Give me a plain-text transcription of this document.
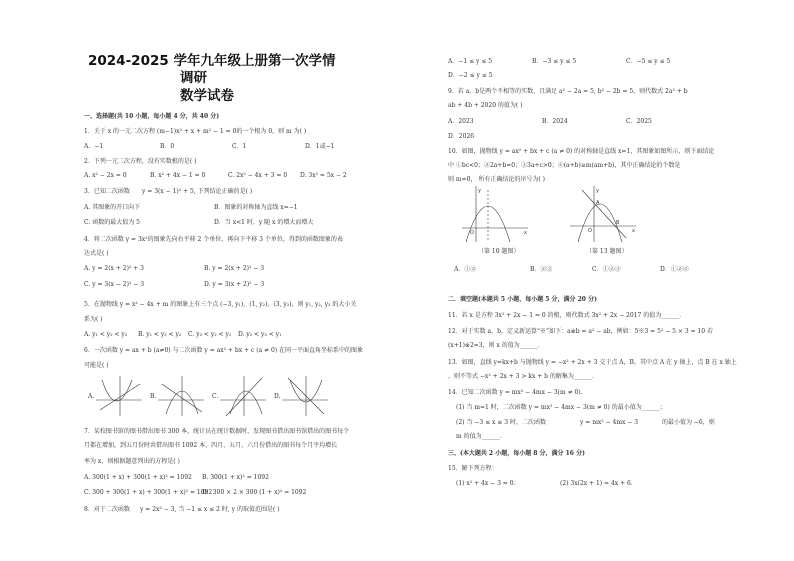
2024-2025 学年九年级上册第一次学情
调研
数学试卷
一、选择题(共 10 小题，每小题 4 分，共 40 分)
1．关于 x 的一元二次方程 (m−1)x² + x + m² − 1 = 0的一个根为 0，则 m 为( )
A．−1	B．0	C．1	D．1或−1
2．下列一元二次方程，没有实数根的是( )
A. x² − 2x = 0	B. x² + 4x − 1 = 0	C. 2x² − 4x + 3 = 0 D. 3x² = 5x − 2
3．已知二次函数 y = 3(x − 1)² + 5, 下列结论正确的是( )
A. 其图象的开口向下	B．图象的对称轴为直线 x=−1
C. 函数的最大值为 5	D．当 x<1 时，y 随 x 的增大而增大
4．将二次函数 y = 3x²的图象先向右平移 2 个单位，再向下平移 3 个单位，得到的函数图象的表
达式是( )
A. y = 2(x + 2)² + 3	B. y = 2(x + 2)² − 3
C. y = 3(x − 2)² − 3	D. y = 3(x + 2)² − 3
5．在抛物线 y = x² − 4x + m 的图象上有三个点 (−3, y₁)，(1, y₂)，(3, y₃)，则 y₁, y₂, y₃ 的大小关
系为( )
A. y₁ < y₂ < y₃ B. y₁ < y₃ < y₂ C. y₃ < y₂ < y₁ D. y₂ < y₃ < y₁
6．一次函数 y = ax + b (a≠0) 与二次函数 y = ax² + bx + c (a ≠ 0) 在同一平面直角坐标系中的图象
可能是( )
A.	B.	C.	D.
7．某校图书馆的图书借出图书 300 本，统计员在统计数据时，发现图书借出图书馆借出的图书每个
月都在增加，到五月份时共借出图书 1092 本，四月、五月、六月份借出的图书每个月平均增长
率为 x，则根据题意列出的方程是( )
A. 300(1 + x) + 300(1 + x)² = 1092 B. 300(1 + x)² = 1092
C. 300 + 300(1 + x) + 300(1 + x)² = 1092
D．300 × 2 × 300 (1 + x)² = 1092
8．对于二次函数 y = 2x² − 3, 当 −1 ≤ x ≤ 2 时, y 的取值范围是( )
A．−1 ≤ y ≤ 5	B．−3 ≤ y ≤ 5	C．−5 ≤ y ≤ 5
D．−2 ≤ y ≤ 5
9．若 a、b是两个不相等的实数，且满足 a² − 2a = 5, b² − 2b = 5，则代数式 2a² + b
ab + 4b + 2020 的值为( )
A．2023	B．2024	C．2025
D．2026
10．如图，抛物线 y = ax² + bx + c (a ≠ 0) 的对称轴是直线 x=1，其图象如图所示，则下面结论
中 ①bc<0；②2a+b=0；③3a+c>0；④(a+b)≥m(am+b)，其中正确结论的个数是
则 m=0， 所有正确结论的序号为( )
O	x
y
（第 10 题图）
O	x
y
A
B
（第 13 题图）
A．①②	B．②③	C．①②③	D．①②④
二．填空题(本题共 5 小题，每小题 5 分，满分 20 分)
11．若 x 是方程 3x² + 2x − 1 = 0 的根，则代数式 3x² + 2x − 2017 的值为______．
12．对于实数 a，b，定义新运算“※”如下：a※b = a² − ab，例如：5※3 = 5² − 5 × 3 = 10 若
(x+1)※2=3，则 x 的值为______．
13．如图，直线 y=kx+b 与抛物线 y = −x² + 2x + 3 交于点 A，B，其中点 A 在 y 轴上，点 B 在 x 轴上
，则不等式 −x² + 2x + 3 > kx + b 的解集为______．
14．已知二次函数 y = mx² − 4mx − 3(m ≠ 0).
(1) 当 m=1 时，二次函数 y = mx² − 4mx − 3(m ≠ 0) 的最小值为______；
(2) 当 −3 ≤ x ≤ 3 时，二次函数	y = mx² − 4mx − 3	的最小值为 −6，则
m 的值为______．
三、(本大题共 2 小题，每小题 8 分，满分 16 分)
15．解下列方程：
(1) x² + 4x − 3 = 0；	(2) 3x(2x + 1) = 4x + 6.
